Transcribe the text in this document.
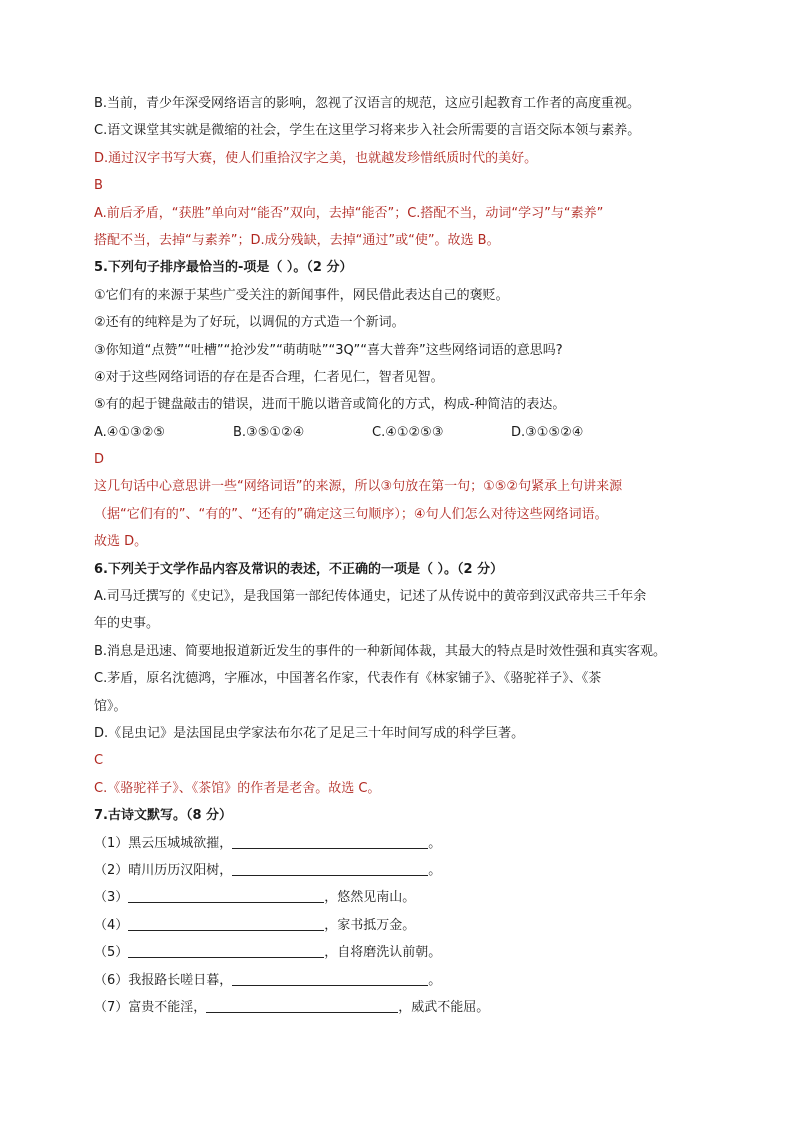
B.当前，青少年深受网络语言的影响，忽视了汉语言的规范，这应引起教育工作者的高度重视。
C.语文课堂其实就是微缩的社会，学生在这里学习将来步入社会所需要的言语交际本领与素养。
D.通过汉字书写大赛，使人们重拾汉字之美，也就越发珍惜纸质时代的美好。
B
A.前后矛盾，“获胜”单向对“能否”双向，去掉“能否”；C.搭配不当，动词“学习”与“素养”
搭配不当，去掉“与素养”；D.成分残缺，去掉“通过”或“使”。故选 B。
5.下列句子排序最恰当的-项是（ ）。（2 分）
①它们有的来源于某些广受关注的新闻事件，网民借此表达自己的褒贬。
②还有的纯粹是为了好玩，以调侃的方式造一个新词。
③你知道“点赞”“吐槽”“抢沙发”“萌萌哒”“3Q”“喜大普奔”这些网络词语的意思吗?
④对于这些网络词语的存在是否合理，仁者见仁，智者见智。
⑤有的起于键盘敲击的错误，进而干脆以谐音或简化的方式，构成-种简洁的表达。
A.④①③②⑤	B.③⑤①②④	C.④①②⑤③	D.③①⑤②④
D
这几句话中心意思讲一些“网络词语”的来源，所以③句放在第一句；①⑤②句紧承上句讲来源
（据“它们有的”、“有的”、“还有的”确定这三句顺序）；④句人们怎么对待这些网络词语。
故选 D。
6.下列关于文学作品内容及常识的表述，不正确的一项是（ ）。（2 分）
A.司马迁撰写的《史记》，是我国第一部纪传体通史，记述了从传说中的黄帝到汉武帝共三千年余
年的史事。
B.消息是迅速、简要地报道新近发生的事件的一种新闻体裁，其最大的特点是时效性强和真实客观。
C.茅盾，原名沈德鸿，字雁冰，中国著名作家，代表作有《林家铺子》、《骆驼祥子》、《茶
馆》。
D.《昆虫记》是法国昆虫学家法布尔花了足足三十年时间写成的科学巨著。
C
C.《骆驼祥子》、《茶馆》的作者是老舍。故选 C。
7.古诗文默写。（8 分）
（1）黑云压城城欲摧，	。
（2）晴川历历汉阳树，	。
（3）	，悠然见南山。
（4）	，家书抵万金。
（5）	，自将磨洗认前朝。
（6）我报路长嗟日暮，	。
（7）富贵不能淫，	，威武不能屈。
